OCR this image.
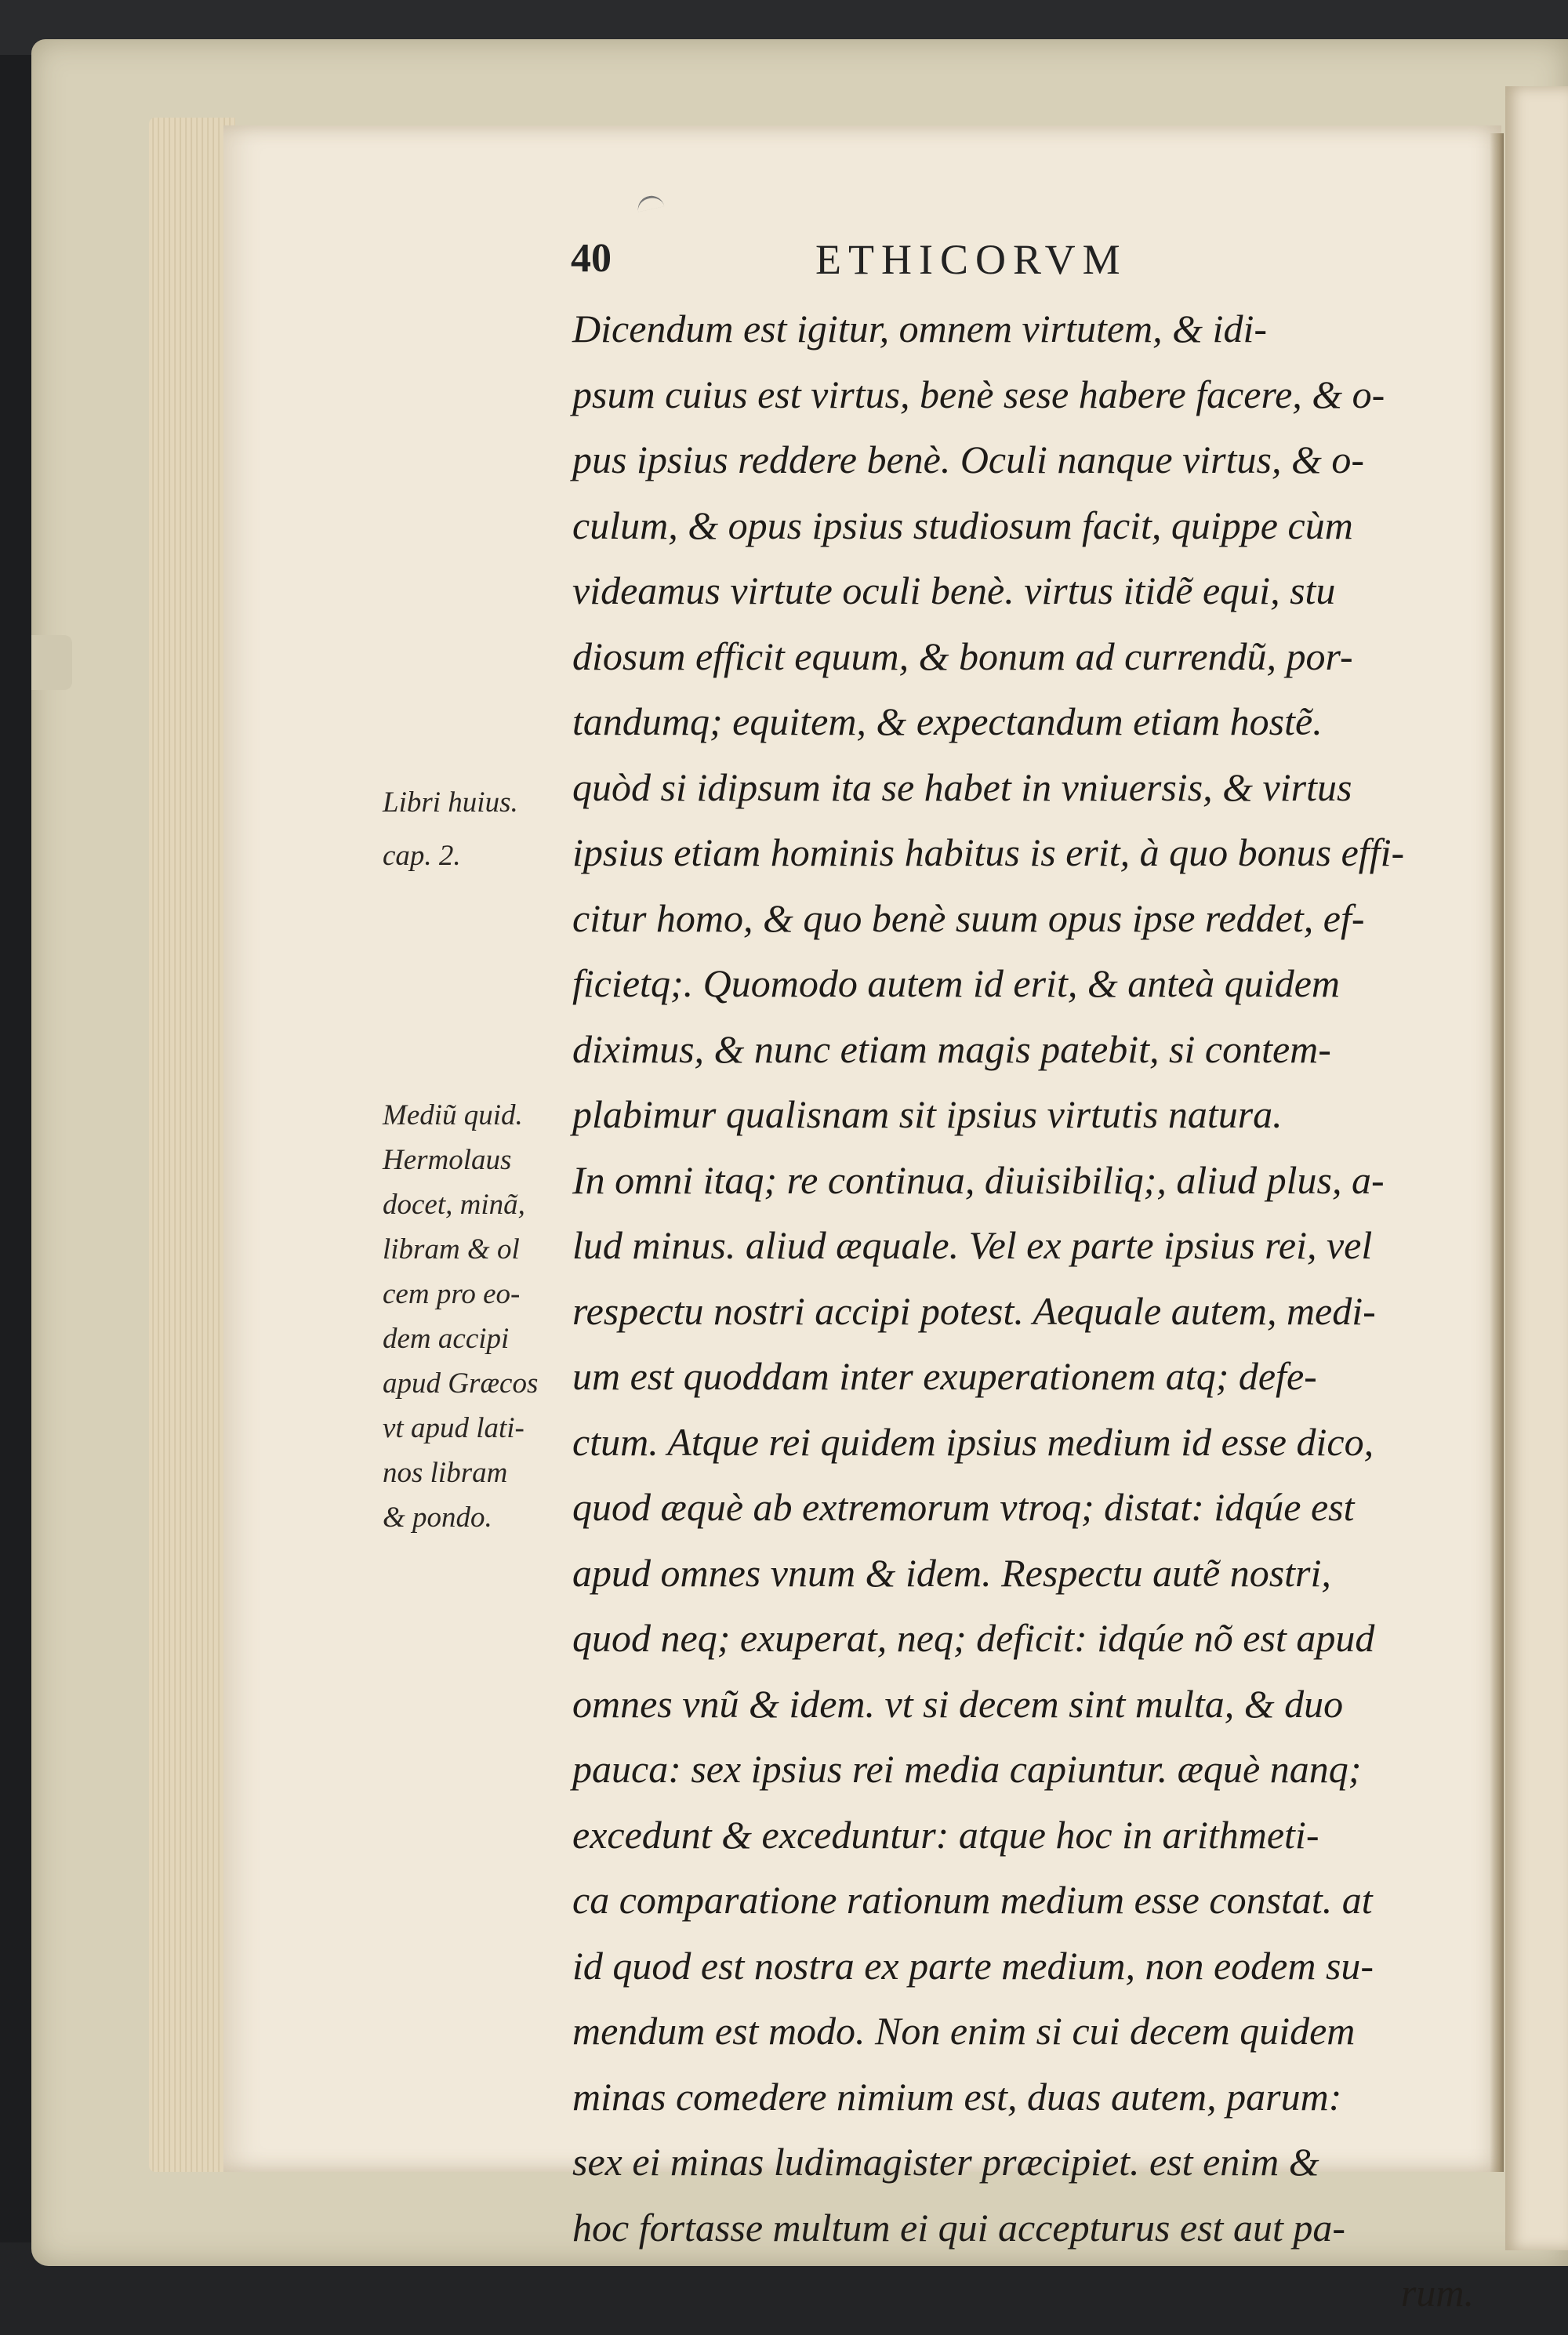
40	ETHICORVM
Dicendum est igitur, omnem virtutem, & idi-
psum cuius est virtus, benè sese habere facere, & o-
pus ipsius reddere benè. Oculi nanque virtus, & o-
culum, & opus ipsius studiosum facit, quippe cùm
videamus virtute oculi benè. virtus itidẽ equi, stu
diosum efficit equum, & bonum ad currendũ, por-
tandumq; equitem, & expectandum etiam hostẽ.
quòd si idipsum ita se habet in vniuersis, & virtus
ipsius etiam hominis habitus is erit, à quo bonus effi-
citur homo, & quo benè suum opus ipse reddet, ef-
ficietq;. Quomodo autem id erit, & anteà quidem
diximus, & nunc etiam magis patebit, si contem-
plabimur qualisnam sit ipsius virtutis natura.
In omni itaq; re continua, diuisibiliq;, aliud plus, a-
lud minus. aliud æquale. Vel ex parte ipsius rei, vel
respectu nostri accipi potest. Aequale autem, medi-
um est quoddam inter exuperationem atq; defe-
ctum. Atque rei quidem ipsius medium id esse dico,
quod æquè ab extremorum vtroq; distat: idqúe est
apud omnes vnum & idem. Respectu autẽ nostri,
quod neq; exuperat, neq; deficit: idqúe nõ est apud
omnes vnũ & idem. vt si decem sint multa, & duo
pauca: sex ipsius rei media capiuntur. æquè nanq;
excedunt & exceduntur: atque hoc in arithmeti-
ca comparatione rationum medium esse constat. at
id quod est nostra ex parte medium, non eodem su-
mendum est modo. Non enim si cui decem quidem
minas comedere nimium est, duas autem, parum:
sex ei minas ludimagister præcipiet. est enim &
hoc fortasse multum ei qui accepturus est aut pa-
rum.
Libri huius.
cap. 2.
Mediũ quid.
Hermolaus
docet, minã,
libram & ol
cem pro eo-
dem accipi
apud Græcos
vt apud lati-
nos libram
& pondo.
